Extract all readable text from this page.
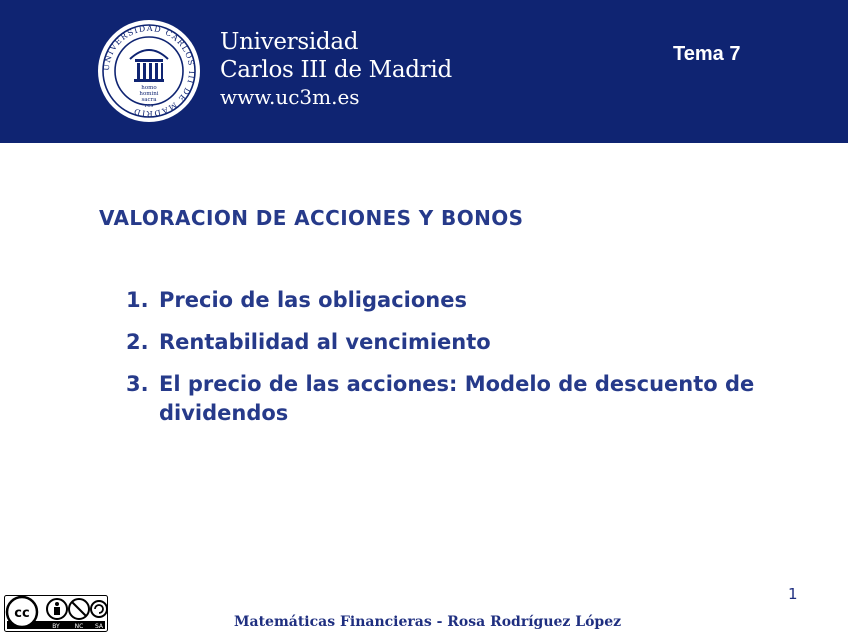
UNIVERSIDAD CARLOS III DE MADRID
homo
homini
sacra
res
Universidad
Carlos III de Madrid
www.uc3m.es
Tema 7
VALORACION DE ACCIONES Y BONOS
1. Precio de las obligaciones
2. Rentabilidad al vencimiento
3. El precio de las acciones: Modelo de descuento de dividendos
1
cc
BY NC SA	Matemáticas Financieras - Rosa Rodríguez López
